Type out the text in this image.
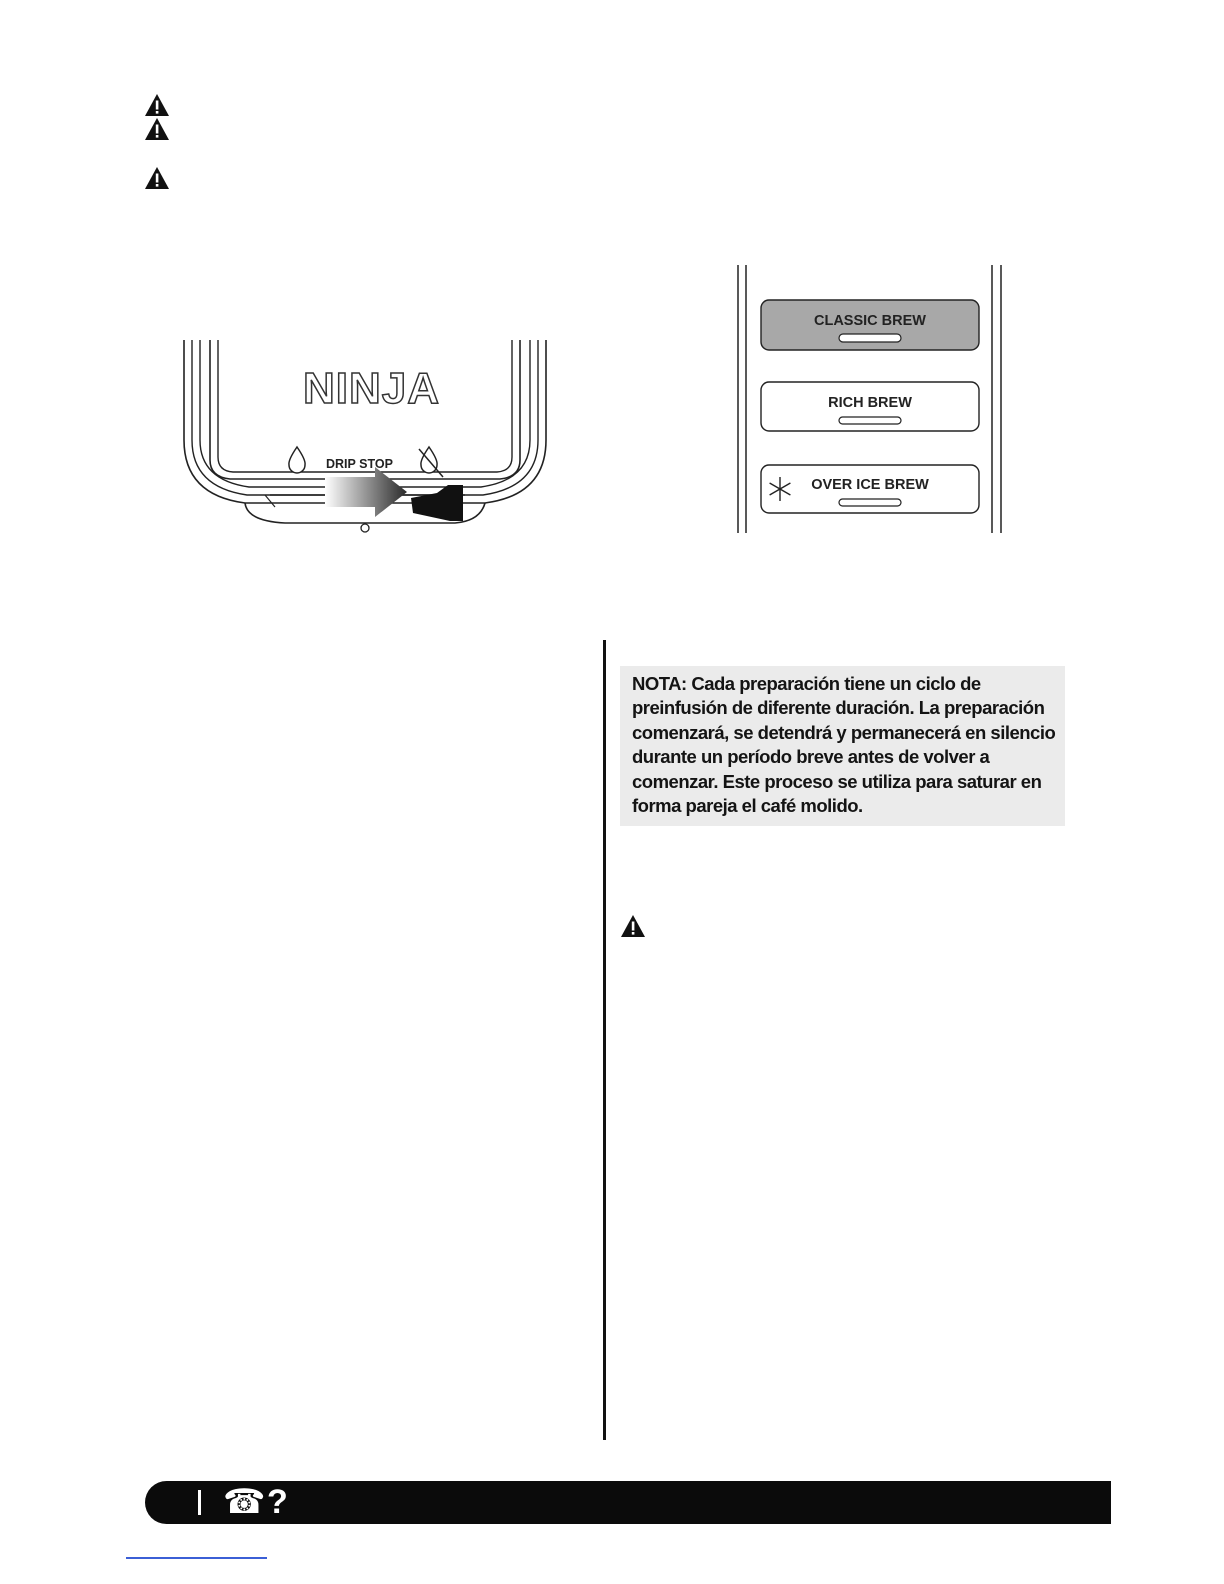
NINJA
DRIP STOP
CLASSIC BREW
RICH BREW
OVER ICE BREW
NOTA: Cada preparación tiene un ciclo de
preinfusión de diferente duración. La preparación
comenzará, se detendrá y permanecerá en silencio
durante un período breve antes de volver a
comenzar. Este proceso se utiliza para saturar en
forma pareja el café molido.
☎ ?
